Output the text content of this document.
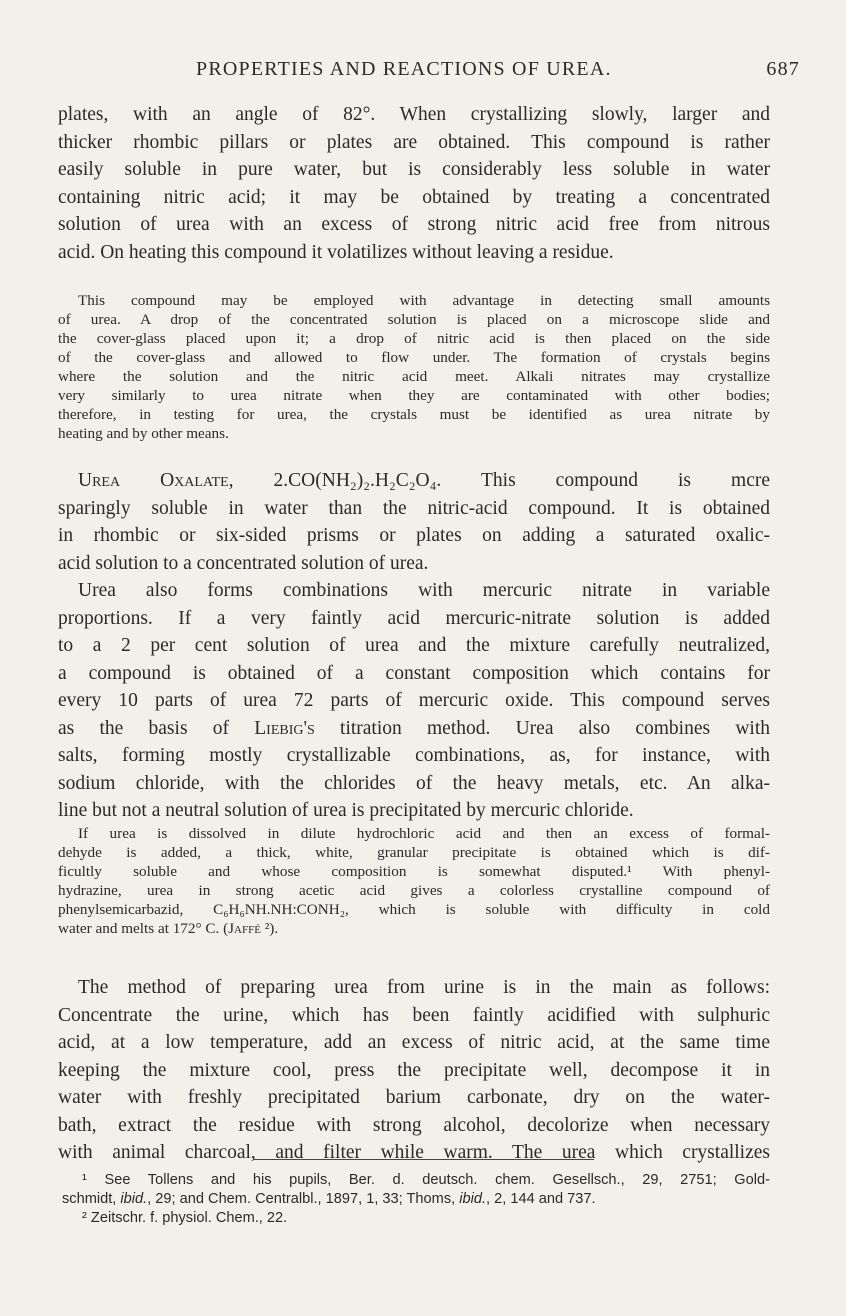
PROPERTIES AND REACTIONS OF UREA.	687
plates, with an angle of 82°. When crystallizing slowly, larger and
thicker rhombic pillars or plates are obtained. This compound is rather
easily soluble in pure water, but is considerably less soluble in water
containing nitric acid; it may be obtained by treating a concentrated
solution of urea with an excess of strong nitric acid free from nitrous
acid. On heating this compound it volatilizes without leaving a residue.
This compound may be employed with advantage in detecting small amounts
of urea. A drop of the concentrated solution is placed on a microscope slide and
the cover-glass placed upon it; a drop of nitric acid is then placed on the side
of the cover-glass and allowed to flow under. The formation of crystals begins
where the solution and the nitric acid meet. Alkali nitrates may crystallize
very similarly to urea nitrate when they are contaminated with other bodies;
therefore, in testing for urea, the crystals must be identified as urea nitrate by
heating and by other means.
Urea Oxalate, 2.CO(NH₂)₂.H₂C₂O₄. This compound is mcre
sparingly soluble in water than the nitric-acid compound. It is obtained
in rhombic or six-sided prisms or plates on adding a saturated oxalic-
acid solution to a concentrated solution of urea.
Urea also forms combinations with mercuric nitrate in variable
proportions. If a very faintly acid mercuric-nitrate solution is added
to a 2 per cent solution of urea and the mixture carefully neutralized,
a compound is obtained of a constant composition which contains for
every 10 parts of urea 72 parts of mercuric oxide. This compound serves
as the basis of Liebig's titration method. Urea also combines with
salts, forming mostly crystallizable combinations, as, for instance, with
sodium chloride, with the chlorides of the heavy metals, etc. An alka-
line but not a neutral solution of urea is precipitated by mercuric chloride.
If urea is dissolved in dilute hydrochloric acid and then an excess of formal-
dehyde is added, a thick, white, granular precipitate is obtained which is dif-
ficultly soluble and whose composition is somewhat disputed.¹ With phenyl-
hydrazine, urea in strong acetic acid gives a colorless crystalline compound of
phenylsemicarbazid, C₆H₆NH.NH:CONH₂, which is soluble with difficulty in cold
water and melts at 172° C. (Jaffé ²).
The method of preparing urea from urine is in the main as follows:
Concentrate the urine, which has been faintly acidified with sulphuric
acid, at a low temperature, add an excess of nitric acid, at the same time
keeping the mixture cool, press the precipitate well, decompose it in
water with freshly precipitated barium carbonate, dry on the water-
bath, extract the residue with strong alcohol, decolorize when necessary
with animal charcoal, and filter while warm. The urea which crystallizes
¹ See Tollens and his pupils, Ber. d. deutsch. chem. Gesellsch., 29, 2751; Gold-
schmidt, ibid., 29; and Chem. Centralbl., 1897, 1, 33; Thoms, ibid., 2, 144 and 737.
² Zeitschr. f. physiol. Chem., 22.
